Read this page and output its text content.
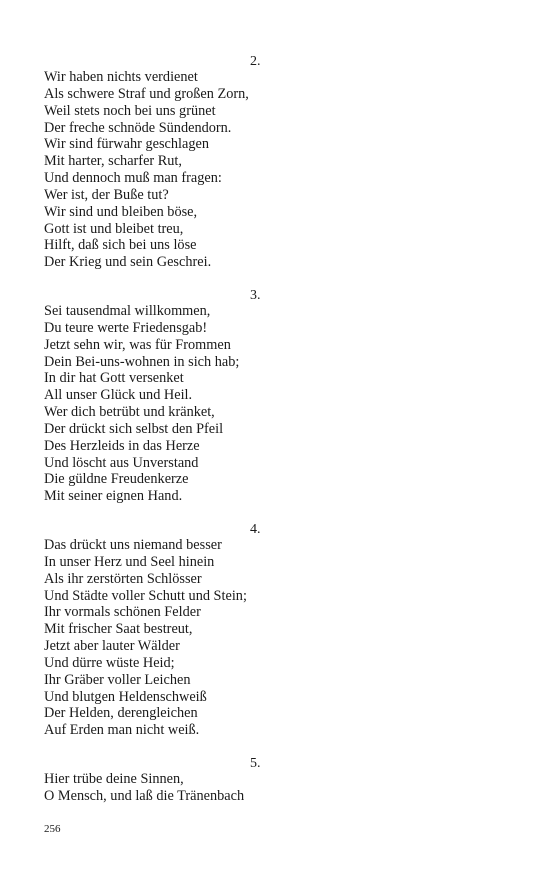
2.
Wir haben nichts verdienet
Als schwere Straf und großen Zorn,
Weil stets noch bei uns grünet
Der freche schnöde Sündendorn.
Wir sind fürwahr geschlagen
Mit harter, scharfer Rut,
Und dennoch muß man fragen:
Wer ist, der Buße tut?
Wir sind und bleiben böse,
Gott ist und bleibet treu,
Hilft, daß sich bei uns löse
Der Krieg und sein Geschrei.
3.
Sei tausendmal willkommen,
Du teure werte Friedensgab!
Jetzt sehn wir, was für Frommen
Dein Bei-uns-wohnen in sich hab;
In dir hat Gott versenket
All unser Glück und Heil.
Wer dich betrübt und kränket,
Der drückt sich selbst den Pfeil
Des Herzleids in das Herze
Und löscht aus Unverstand
Die güldne Freudenkerze
Mit seiner eignen Hand.
4.
Das drückt uns niemand besser
In unser Herz und Seel hinein
Als ihr zerstörten Schlösser
Und Städte voller Schutt und Stein;
Ihr vormals schönen Felder
Mit frischer Saat bestreut,
Jetzt aber lauter Wälder
Und dürre wüste Heid;
Ihr Gräber voller Leichen
Und blutgen Heldenschweiß
Der Helden, derengleichen
Auf Erden man nicht weiß.
5.
Hier trübe deine Sinnen,
O Mensch, und laß die Tränenbach
256
